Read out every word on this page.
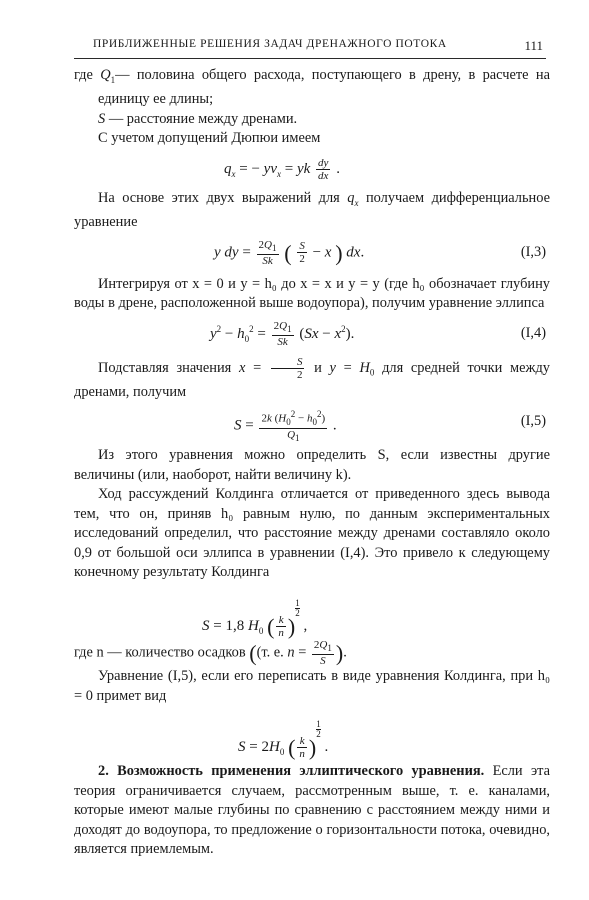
ПРИБЛИЖЕННЫЕ РЕШЕНИЯ ЗАДАЧ ДРЕНАЖНОГО ПОТОКА	111

где $Q_1—$ половина общего расхода, поступающего в дрену, в расчете на единицу ее длины;

S — расстояние между дренами.

С учетом допущений Дюпюи имеем

$q_x$ = − $yv_x$ = yk $\frac{dy}{dx}$ .

На основе этих двух выражений для $q_x$ получаем дифференциальное уравнение

y dy = $\frac{2Q_1}{Sk}$ ( $\frac{S}{2} - x$ ) dx.	(I,3)

Интегрируя от x = 0 и y = h₀ до x = x и y = y (где h₀ обозначает глубину воды в дрене, расположенной выше водоупора), получим уравнение эллипса

$y^2 - h_0^2 = \frac{2Q_1}{Sk} (Sx - x^2)$.	(I,4)

Подставляя значения $x = \frac{S}{2}$ и $y = H_0$ для средней точки между дренами, получим

$S = \frac{2k (H_0^2 - h_0^2)}{Q_1}$ .	(I,5)

Из этого уравнения можно определить S, если известны другие величины (или, наоборот, найти величину k).

Ход рассуждений Колдинга отличается от приведенного здесь вывода тем, что он, приняв h₀ равным нулю, по данным экспериментальных исследований определил, что расстояние между дренами составляло около 0,9 от большой оси эллипса в уравнении (I,4). Это привело к следующему конечному результату Колдинга

S = 1,8 $H_0$ ( $\frac{k}{n}$ )
$\frac{1}{2}$
,

где n — количество осадков ((т. е. $n = \frac{2Q_1}{S}$ ).

Уравнение (I,5), если его переписать в виде уравнения Колдинга, при h₀ = 0 примет вид

$S = 2H_0$ ( $\frac{k}{n}$ )
$\frac{1}{2}$
.

2. Возможность применения эллиптического уравнения. Если эта теория ограничивается случаем, рассмотренным выше, т. е. каналами, которые имеют малые глубины по сравнению с расстоянием между ними и доходят до водоупора, то предложение о горизонтальности потока, очевидно, является приемлемым.
